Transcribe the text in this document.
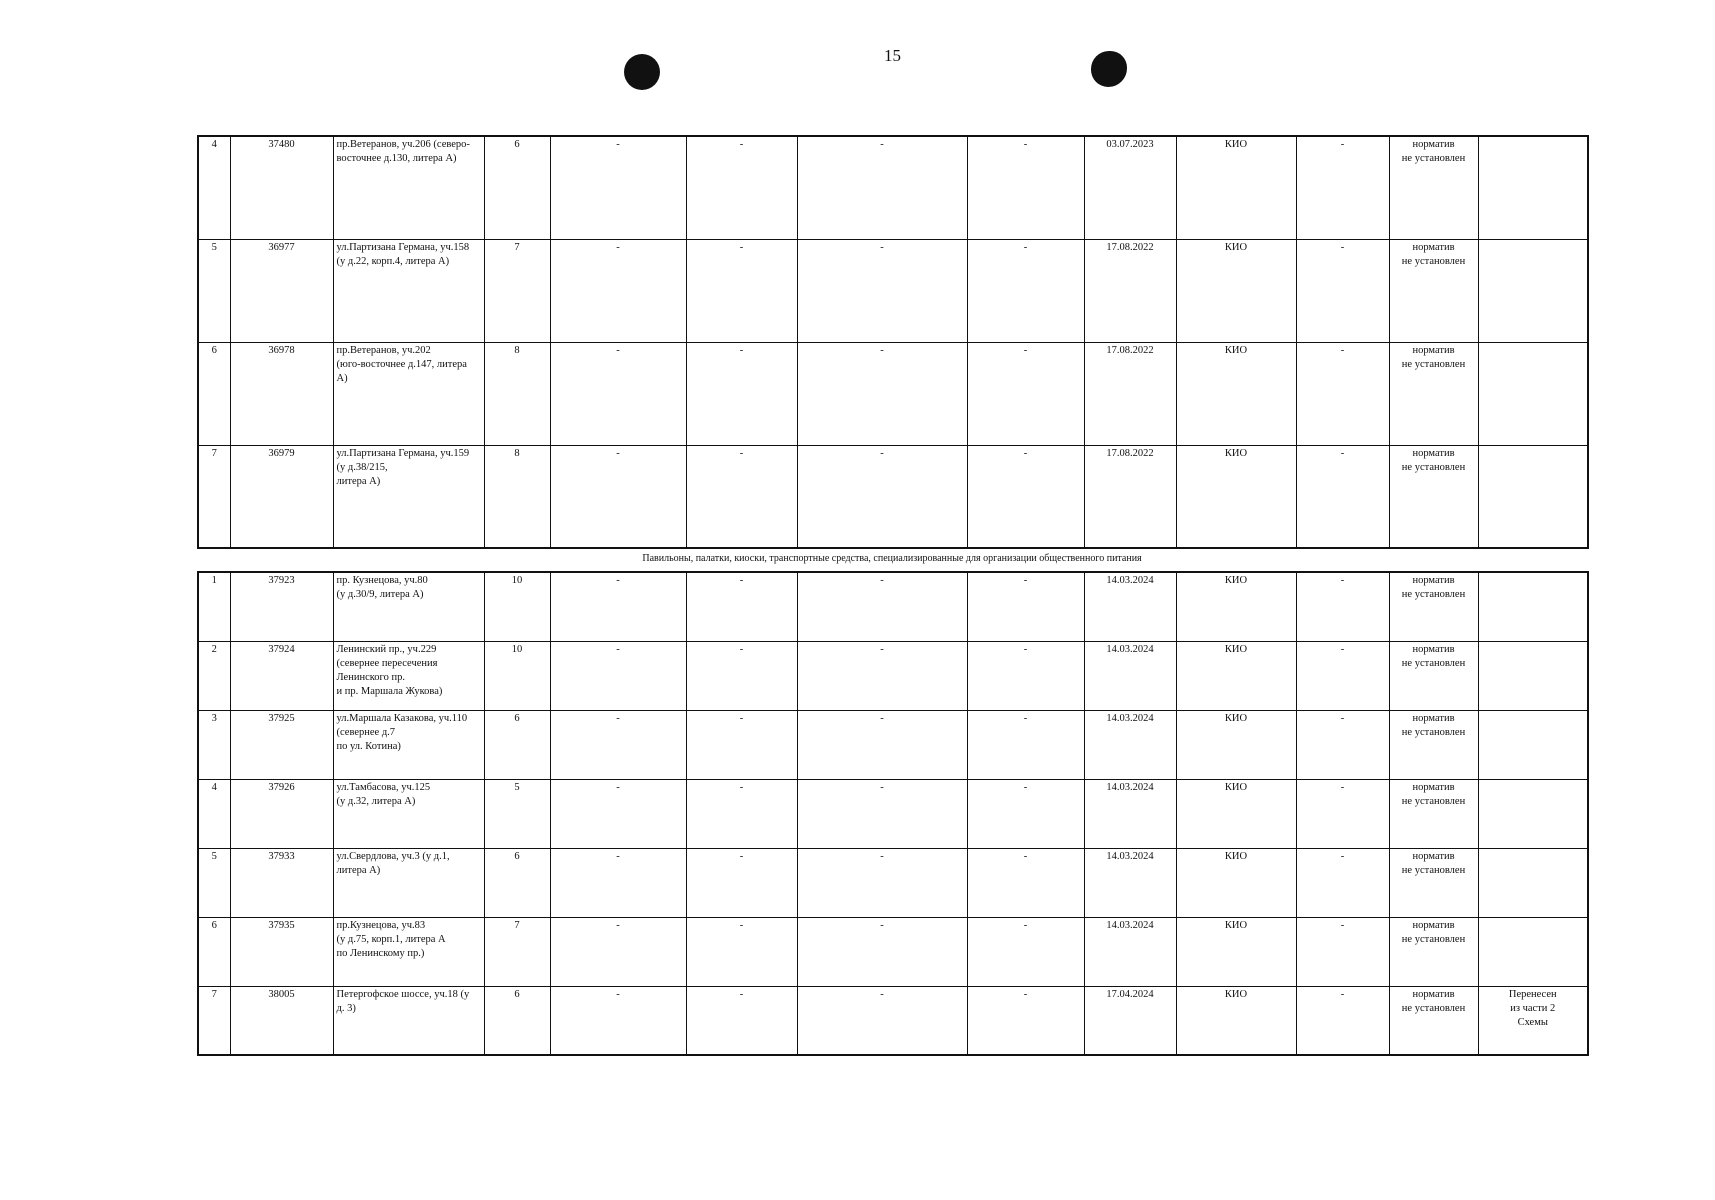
15
4	37480	пр.Ветеранов, уч.206 (северо-
восточнее д.130, литера А)	6	-	-	-	-	03.07.2023	КИО	-	норматив
не установлен	
5	36977	ул.Партизана Германа, уч.158
(у д.22, корп.4, литера А)	7	-	-	-	-	17.08.2022	КИО	-	норматив
не установлен	
6	36978	пр.Ветеранов, уч.202
(юго-восточнее д.147, литера
А)	8	-	-	-	-	17.08.2022	КИО	-	норматив
не установлен	
7	36979	ул.Партизана Германа, уч.159
(у д.38/215,
литера А)	8	-	-	-	-	17.08.2022	КИО	-	норматив
не установлен	
Павильоны, палатки, киоски, транспортные средства, специализированные для организации общественного питания
1	37923	пр. Кузнецова, уч.80
(у д.30/9, литера А)	10	-	-	-	-	14.03.2024	КИО	-	норматив
не установлен	
2	37924	Ленинский пр., уч.229
(севернее пересечения
Ленинского пр.
и пр. Маршала Жукова)	10	-	-	-	-	14.03.2024	КИО	-	норматив
не установлен	
3	37925	ул.Маршала Казакова, уч.110
(севернее д.7
по ул. Котина)	6	-	-	-	-	14.03.2024	КИО	-	норматив
не установлен	
4	37926	ул.Тамбасова, уч.125
(у д.32, литера А)	5	-	-	-	-	14.03.2024	КИО	-	норматив
не установлен	
5	37933	ул.Свердлова, уч.3 (у д.1,
литера А)	6	-	-	-	-	14.03.2024	КИО	-	норматив
не установлен	
6	37935	пр.Кузнецова, уч.83
(у д.75, корп.1, литера А
по Ленинскому пр.)	7	-	-	-	-	14.03.2024	КИО	-	норматив
не установлен	
7	38005	Петергофское шоссе, уч.18 (у
д. 3)	6	-	-	-	-	17.04.2024	КИО	-	норматив
не установлен	Перенесен
из части 2
Схемы
